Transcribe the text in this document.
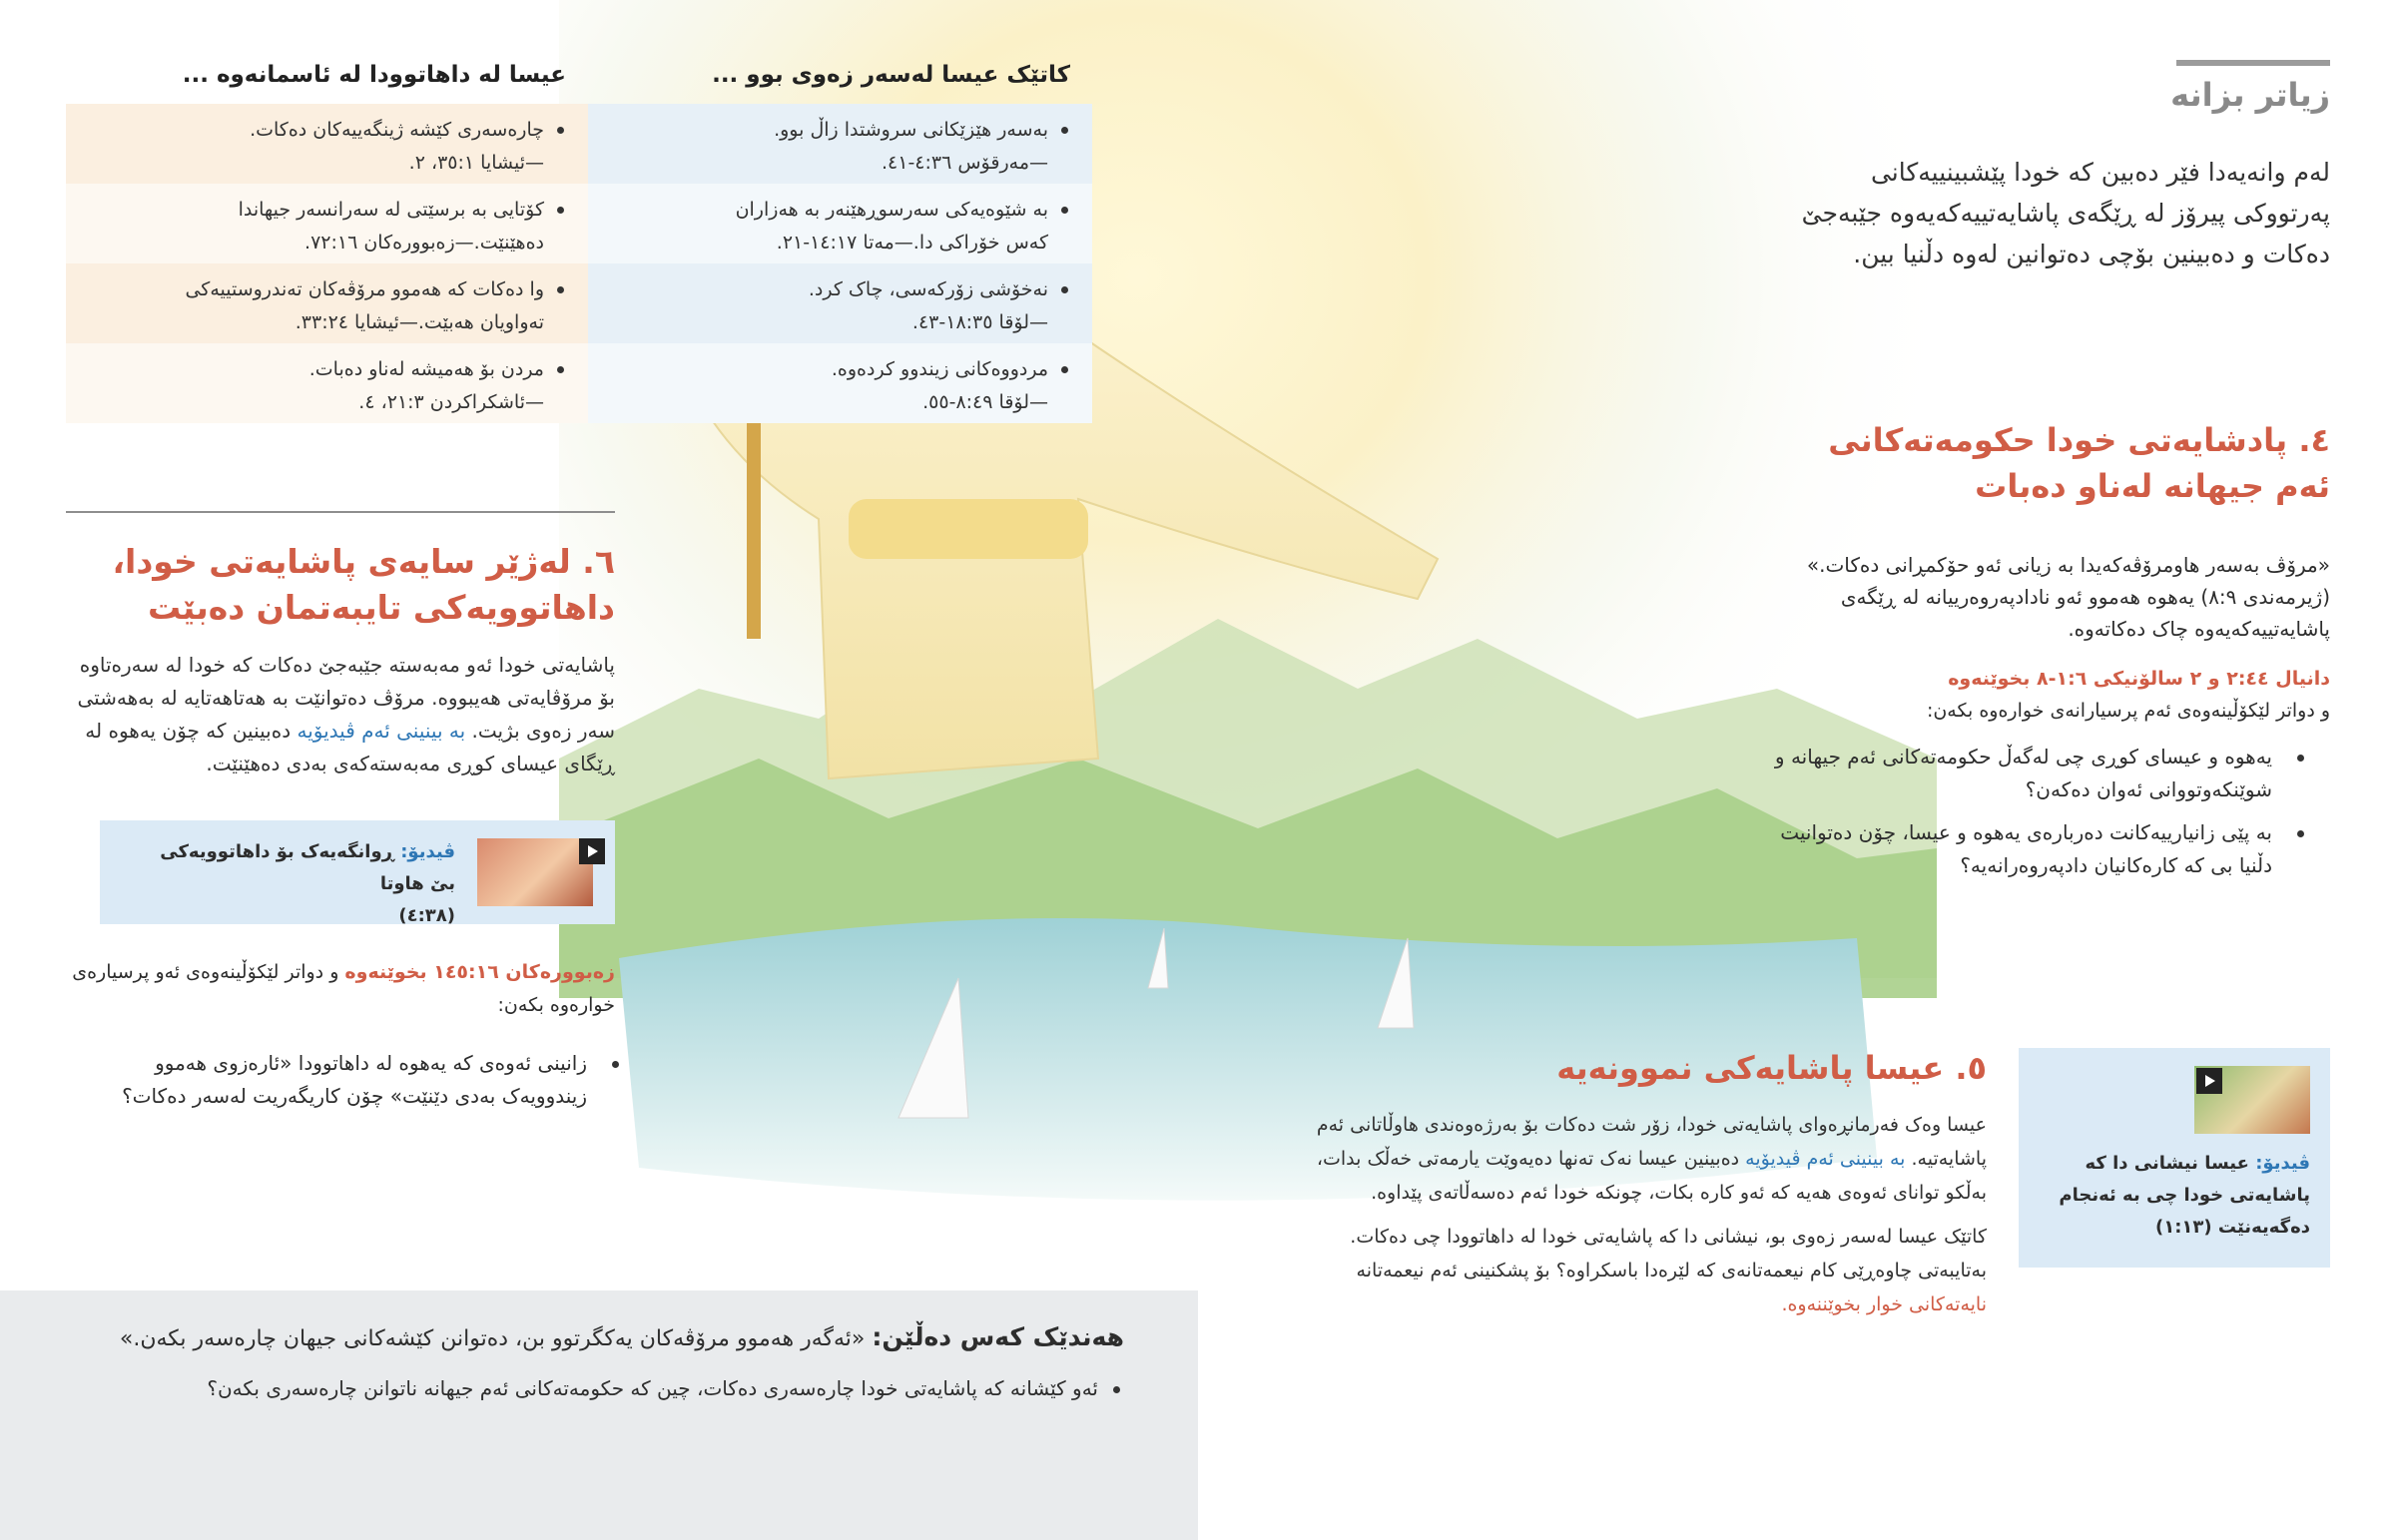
عیسا لە داهاتوودا لە ئاسمانەوە ...
چارەسەری کێشە ژینگەییەکان دەکات.
—ئیشایا ٣٥:١، ٢.
کۆتایی بە برسێتی لە سەرانسەر جیهاندا
دەهێنێت.—زەبوورەکان ٧٢:١٦.
وا دەکات کە هەموو مرۆڤەکان تەندروستییەکی
تەواویان هەبێت.—ئیشایا ٣٣:٢٤.
مردن بۆ هەمیشە لەناو دەبات.
—ئاشکراکردن ٢١:٣، ٤.
کاتێک عیسا لەسەر زەوی بوو ...
بەسەر هێزێکانی سروشتدا زاڵ بوو.
—مەرقۆس ٤:٣٦-٤١.
بە شێوەیەکی سەرسوڕهێنەر بە هەزاران
کەس خۆراکی دا.—مەتا ١٤:١٧-٢١.
نەخۆشی زۆرکەسی، چاک کرد.
—لۆقا ١٨:٣٥-٤٣.
مردووەکانی زیندوو کردەوە.
—لۆقا ٨:٤٩-٥٥.
زیاتر بزانە
لەم وانەیەدا فێر دەبین کە خودا پێشبینییەکانی پەرتووکی پیرۆز لە ڕێگەی پاشایەتییەکەیەوە جێبەجێ دەکات و دەبینین بۆچی دەتوانین لەوە دڵنیا بین.
٤. پادشایەتی خودا حکومەتەکانی
ئەم جیهانە لەناو دەبات
«مرۆڤ بەسەر هاومرۆڤەکەیدا بە زیانی ئەو حۆکمڕانی دەکات.» (ژیرمەندی ٨:٩) یەهوە هەموو ئەو نادادپەروەرییانە لە ڕێگەی پاشایەتییەکەیەوە چاک دەکاتەوە.
دانیال ٢:٤٤ و ٢ سالۆنیکی ١:٦-٨ بخوێنەوە
و دواتر لێکۆڵینەوەی ئەم پرسیارانەی خوارەوە بکەن:
یەهوە و عیسای کوڕی چی لەگەڵ حکومەتەکانی ئەم جیهانە و شوێنکەوتووانی ئەوان دەکەن؟
بە پێی زانیارییەکانت دەربارەی یەهوە و عیسا، چۆن دەتوانیت دڵنیا بی کە کارەکانیان دادپەروەرانەیە؟
٦. لەژێر سایەی پاشایەتی خودا،
داهاتوویەکی تایبەتمان دەبێت
پاشایەتی خودا ئەو مەبەستە جێبەجێ دەکات کە خودا لە سەرەتاوە بۆ مرۆڤایەتی هەیبووە. مرۆڤ دەتوانێت بە هەتاهەتایە لە بەهەشتی سەر زەوی بژیت. بە بینینی ئەم ڤیدیۆیە دەبینین کە چۆن یەهوە لە ڕێگای عیسای کوڕی مەبەستەکەی بەدی دەهێنێت.
ڤیدیۆ: ڕوانگەیەک بۆ داهاتوویەکی بێ هاوتا
(٤:٣٨)
زەبوورەکان ١٤٥:١٦ بخوێنەوە و دواتر لێکۆڵینەوەی ئەو پرسیارەی خوارەوە بکەن:
زانینی ئەوەی کە یەهوە لە داهاتوودا «ئارەزوی هەموو زیندوویەک بەدی دێنێت» چۆن کاریگەریت لەسەر دەکات؟
٥. عیسا پاشایەکی نموونەیە
عیسا وەک فەرمانڕەوای پاشایەتی خودا، زۆر شت دەکات بۆ بەرژەوەندی هاوڵاتانی ئەم پاشایەتیە. بە بینینی ئەم ڤیدیۆیە دەبینین عیسا نەک تەنها دەیەوێت یارمەتی خەڵک بدات، بەڵکو توانای ئەوەی هەیە کە ئەو کارە بکات، چونکە خودا ئەم دەسەڵاتەی پێداوە.
کاتێک عیسا لەسەر زەوی بو، نیشانی دا کە پاشایەتی خودا لە داهاتوودا چی دەکات. بەتایبەتی چاوەڕێی کام نیعمەتانەی کە لێرەدا باسکراوە؟ بۆ پشکنینی ئەم نیعمەتانە نایەتەکانی خوار بخوێننەوە.
ڤیدیۆ: عیسا نیشانی دا کە پاشایەتی خودا چی بە ئەنجام دەگەیەنێت (١:١٣)
هەندێک کەس دەڵێن: «ئەگەر هەموو مرۆڤەکان یەکگرتوو بن، دەتوانن کێشەکانی جیهان چارەسەر بکەن.»
ئەو کێشانە کە پاشایەتی خودا چارەسەری دەکات، چین کە حکومەتەکانی ئەم جیهانە ناتوانن چارەسەری بکەن؟
